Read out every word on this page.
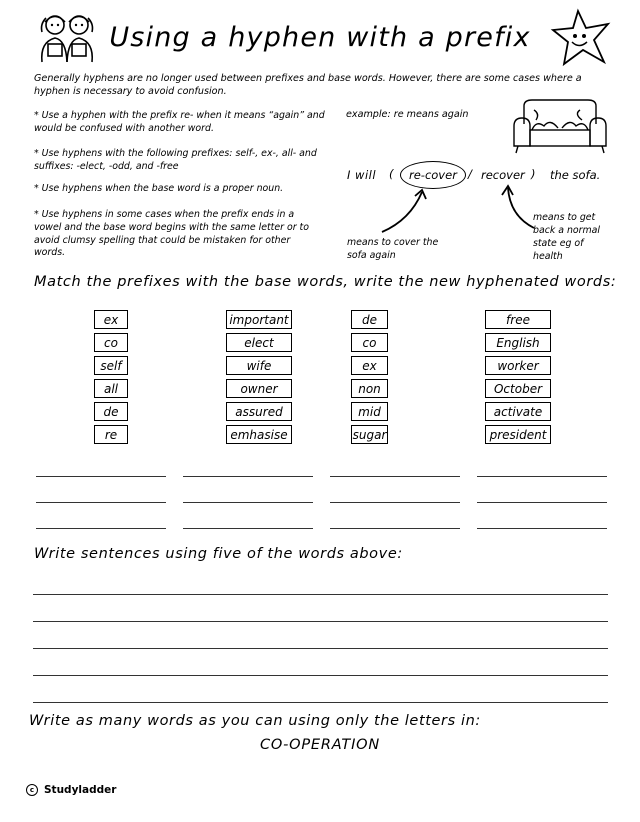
Using a hyphen with a prefix
Generally hyphens are no longer used between prefixes and base words. However, there are some cases where a hyphen is necessary to avoid confusion.
* Use a hyphen with the prefix re- when it means “again” and would be confused with another word.
* Use hyphens with the following prefixes: self-, ex-, all- and suffixes: -elect, -odd, and -free
* Use hyphens when the base word is a proper noun.
* Use hyphens in some cases when the prefix ends in a vowel and the base word begins with the same letter or to avoid clumsy spelling that could be mistaken for other words.
example: re means again
I will ( re-cover / recover ) the sofa.
means to cover the sofa again
means to get back a normal state eg of health
Match the prefixes with the base words, write the new hyphenated words:
ex
co
self
all
de
re
important
elect
wife
owner
assured
emhasise
de
co
ex
non
mid
sugar
free
English
worker
October
activate
president
Write sentences using five of the words above:
Write as many words as you can using only the letters in:
CO-OPERATION
c Studyladder
